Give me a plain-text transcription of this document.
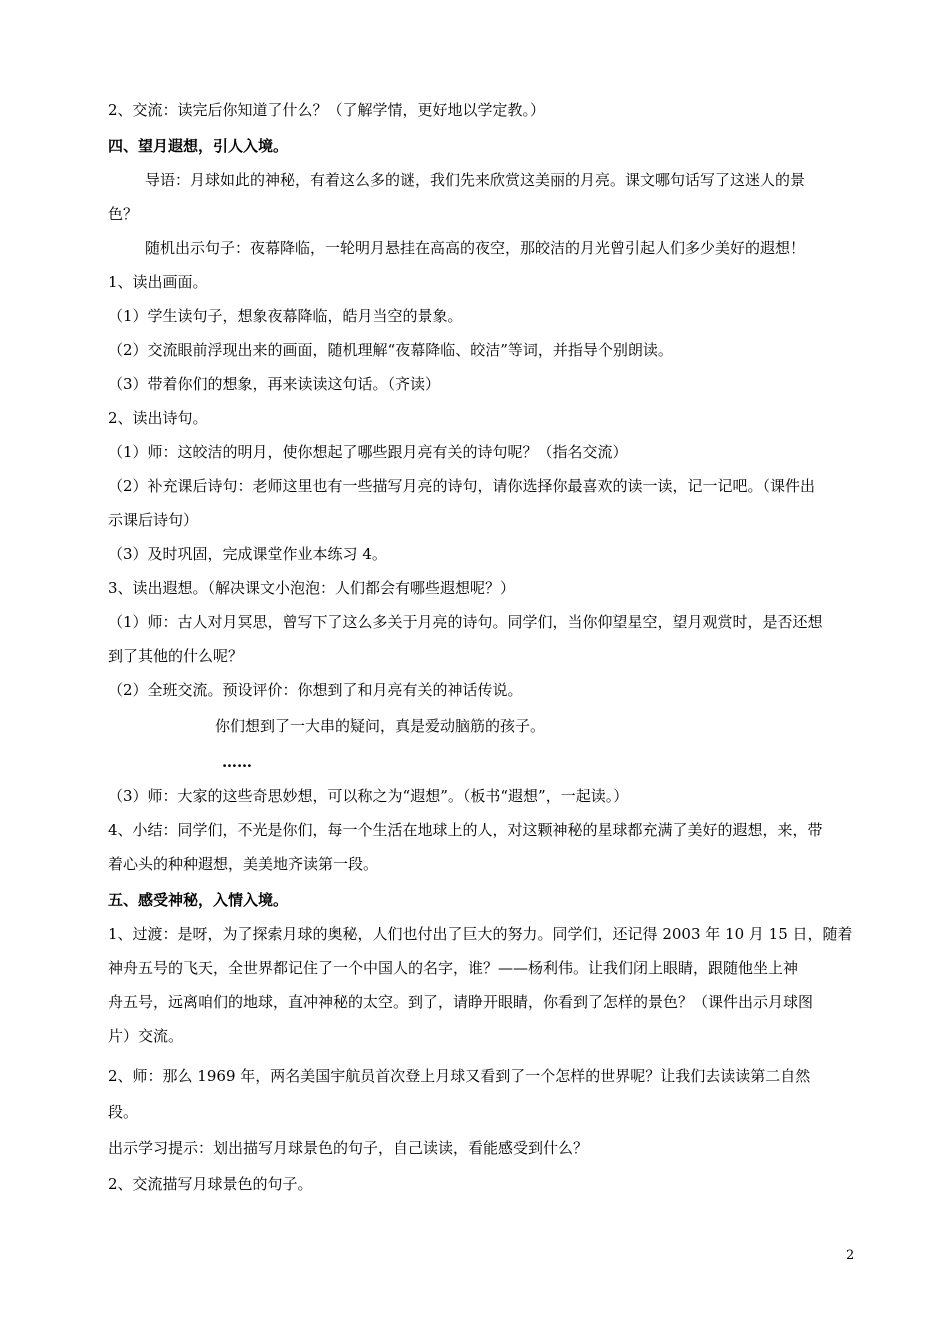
2、交流：读完后你知道了什么？（了解学情，更好地以学定教。）
四、望月遐想，引人入境。
导语：月球如此的神秘，有着这么多的谜，我们先来欣赏这美丽的月亮。课文哪句话写了这迷人的景
色？
随机出示句子：夜幕降临，一轮明月悬挂在高高的夜空，那皎洁的月光曾引起人们多少美好的遐想！
1、读出画面。
（1）学生读句子，想象夜幕降临，皓月当空的景象。
（2）交流眼前浮现出来的画面，随机理解“夜幕降临、皎洁”等词，并指导个别朗读。
（3）带着你们的想象，再来读读这句话。（齐读）
2、读出诗句。
（1）师：这皎洁的明月，使你想起了哪些跟月亮有关的诗句呢？（指名交流）
（2）补充课后诗句：老师这里也有一些描写月亮的诗句，请你选择你最喜欢的读一读，记一记吧。（课件出
示课后诗句）
（3）及时巩固，完成课堂作业本练习 4。
3、读出遐想。（解决课文小泡泡：人们都会有哪些遐想呢？）
（1）师：古人对月冥思，曾写下了这么多关于月亮的诗句。同学们，当你仰望星空，望月观赏时，是否还想
到了其他的什么呢？
（2）全班交流。预设评价：你想到了和月亮有关的神话传说。
你们想到了一大串的疑问，真是爱动脑筋的孩子。
……
（3）师：大家的这些奇思妙想，可以称之为“遐想”。（板书“遐想”，一起读。）
4、小结：同学们，不光是你们，每一个生活在地球上的人，对这颗神秘的星球都充满了美好的遐想，来，带
着心头的种种遐想，美美地齐读第一段。
五、感受神秘，入情入境。
1、过渡：是呀，为了探索月球的奥秘，人们也付出了巨大的努力。同学们，还记得 2003 年 10 月 15 日，随着
神舟五号的飞天，全世界都记住了一个中国人的名字，谁？——杨利伟。让我们闭上眼睛，跟随他坐上神
舟五号，远离咱们的地球，直冲神秘的太空。到了，请睁开眼睛，你看到了怎样的景色？（课件出示月球图
片）交流。
2、师：那么 1969 年，两名美国宇航员首次登上月球又看到了一个怎样的世界呢？让我们去读读第二自然
段。
出示学习提示：划出描写月球景色的句子，自己读读，看能感受到什么？
2、交流描写月球景色的句子。
2
